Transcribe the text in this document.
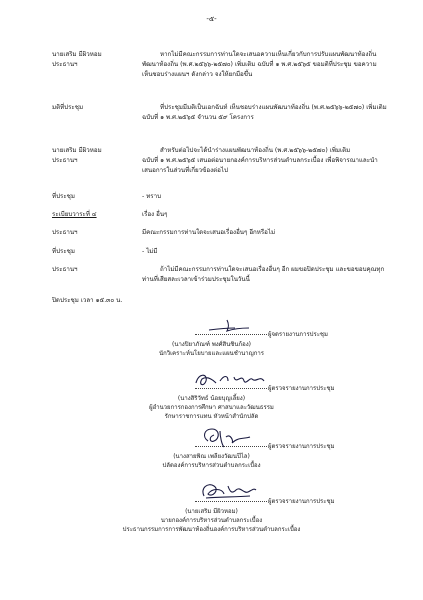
-๕-
นายเสริม มีผิวหอม	หากไม่มีคณะกรรมการท่านใดจะเสนอความเห็นเกี่ยวกับการปรับแผนพัฒนาท้องถิ่น
ประธานฯ	พัฒนาท้องถิ่น (พ.ศ.๒๕๖๖-๒๕๗๐) เพิ่มเติม ฉบับที่ ๑ พ.ศ.๒๕๖๕ ขอมติที่ประชุม ขอความเห็นชอบร่างแผนฯ ดังกล่าว จงให้ยกมือขึ้น
มติที่ประชุม	ที่ประชุมมีมติเป็นเอกฉันท์ เห็นชอบร่างแผนพัฒนาท้องถิ่น (พ.ศ.๒๕๖๖-๒๕๗๐) เพิ่มเติม ฉบับที่ ๑ พ.ศ.๒๕๖๕ จำนวน ๕๙ โครงการ
นายเสริม มีผิวหอม	สำหรับต่อไปจะได้นำร่างแผนพัฒนาท้องถิ่น (พ.ศ.๒๕๖๖-๒๕๗๐) เพิ่มเติม
ประธานฯ	ฉบับที่ ๑ พ.ศ.๒๕๖๕ เสนอต่อนายกองค์การบริหารส่วนตำบลกระเบื้อง เพื่อพิจารณาและนำเสนอการในส่วนที่เกี่ยวข้องต่อไป
ที่ประชุม	- ทราบ
ระเบียบวาระที่ ๔	เรื่อง อื่นๆ
ประธานฯ	มีคณะกรรมการท่านใดจะเสนอเรื่องอื่นๆ อีกหรือไม่
ที่ประชุม	- ไม่มี
ประธานฯ	ถ้าไม่มีคณะกรรมการท่านใดจะเสนอเรื่องอื่นๆ อีก ผมขอปิดประชุม และขอขอบคุณทุกท่านที่เสียสละเวลาเข้าร่วมประชุมในวันนี้
ปิดประชุม เวลา ๑๕.๓๐ น.
ผู้จดรายงานการประชุม
(นางปิยาภัณฑ์ พงศ์สินชินก้อง)
นักวิเคราะห์นโยบายและแผนชำนาญการ
ผู้ตรวจรายงานการประชุม
(นางสิริวัทธ์ น้อยบุญเลี้ยง)
ผู้อำนวยการกองการศึกษา ศาสนาและวัฒนธรรม
รักษาราชการแทน หัวหน้าสำนักปลัด
ผู้ตรวจรายงานการประชุม
(นางสายพิณ เพลียงวัฒนปีไล)
ปลัดองค์การบริหารส่วนตำบลกระเบื้อง
ผู้ตรวจรายงานการประชุม
(นายเสริม มีผิวหอม)
นายกองค์การบริหารส่วนตำบลกระเบื้อง
ประธานกรรมการการพัฒนาท้องถิ่นองค์การบริหารส่วนตำบลกระเบื้อง
